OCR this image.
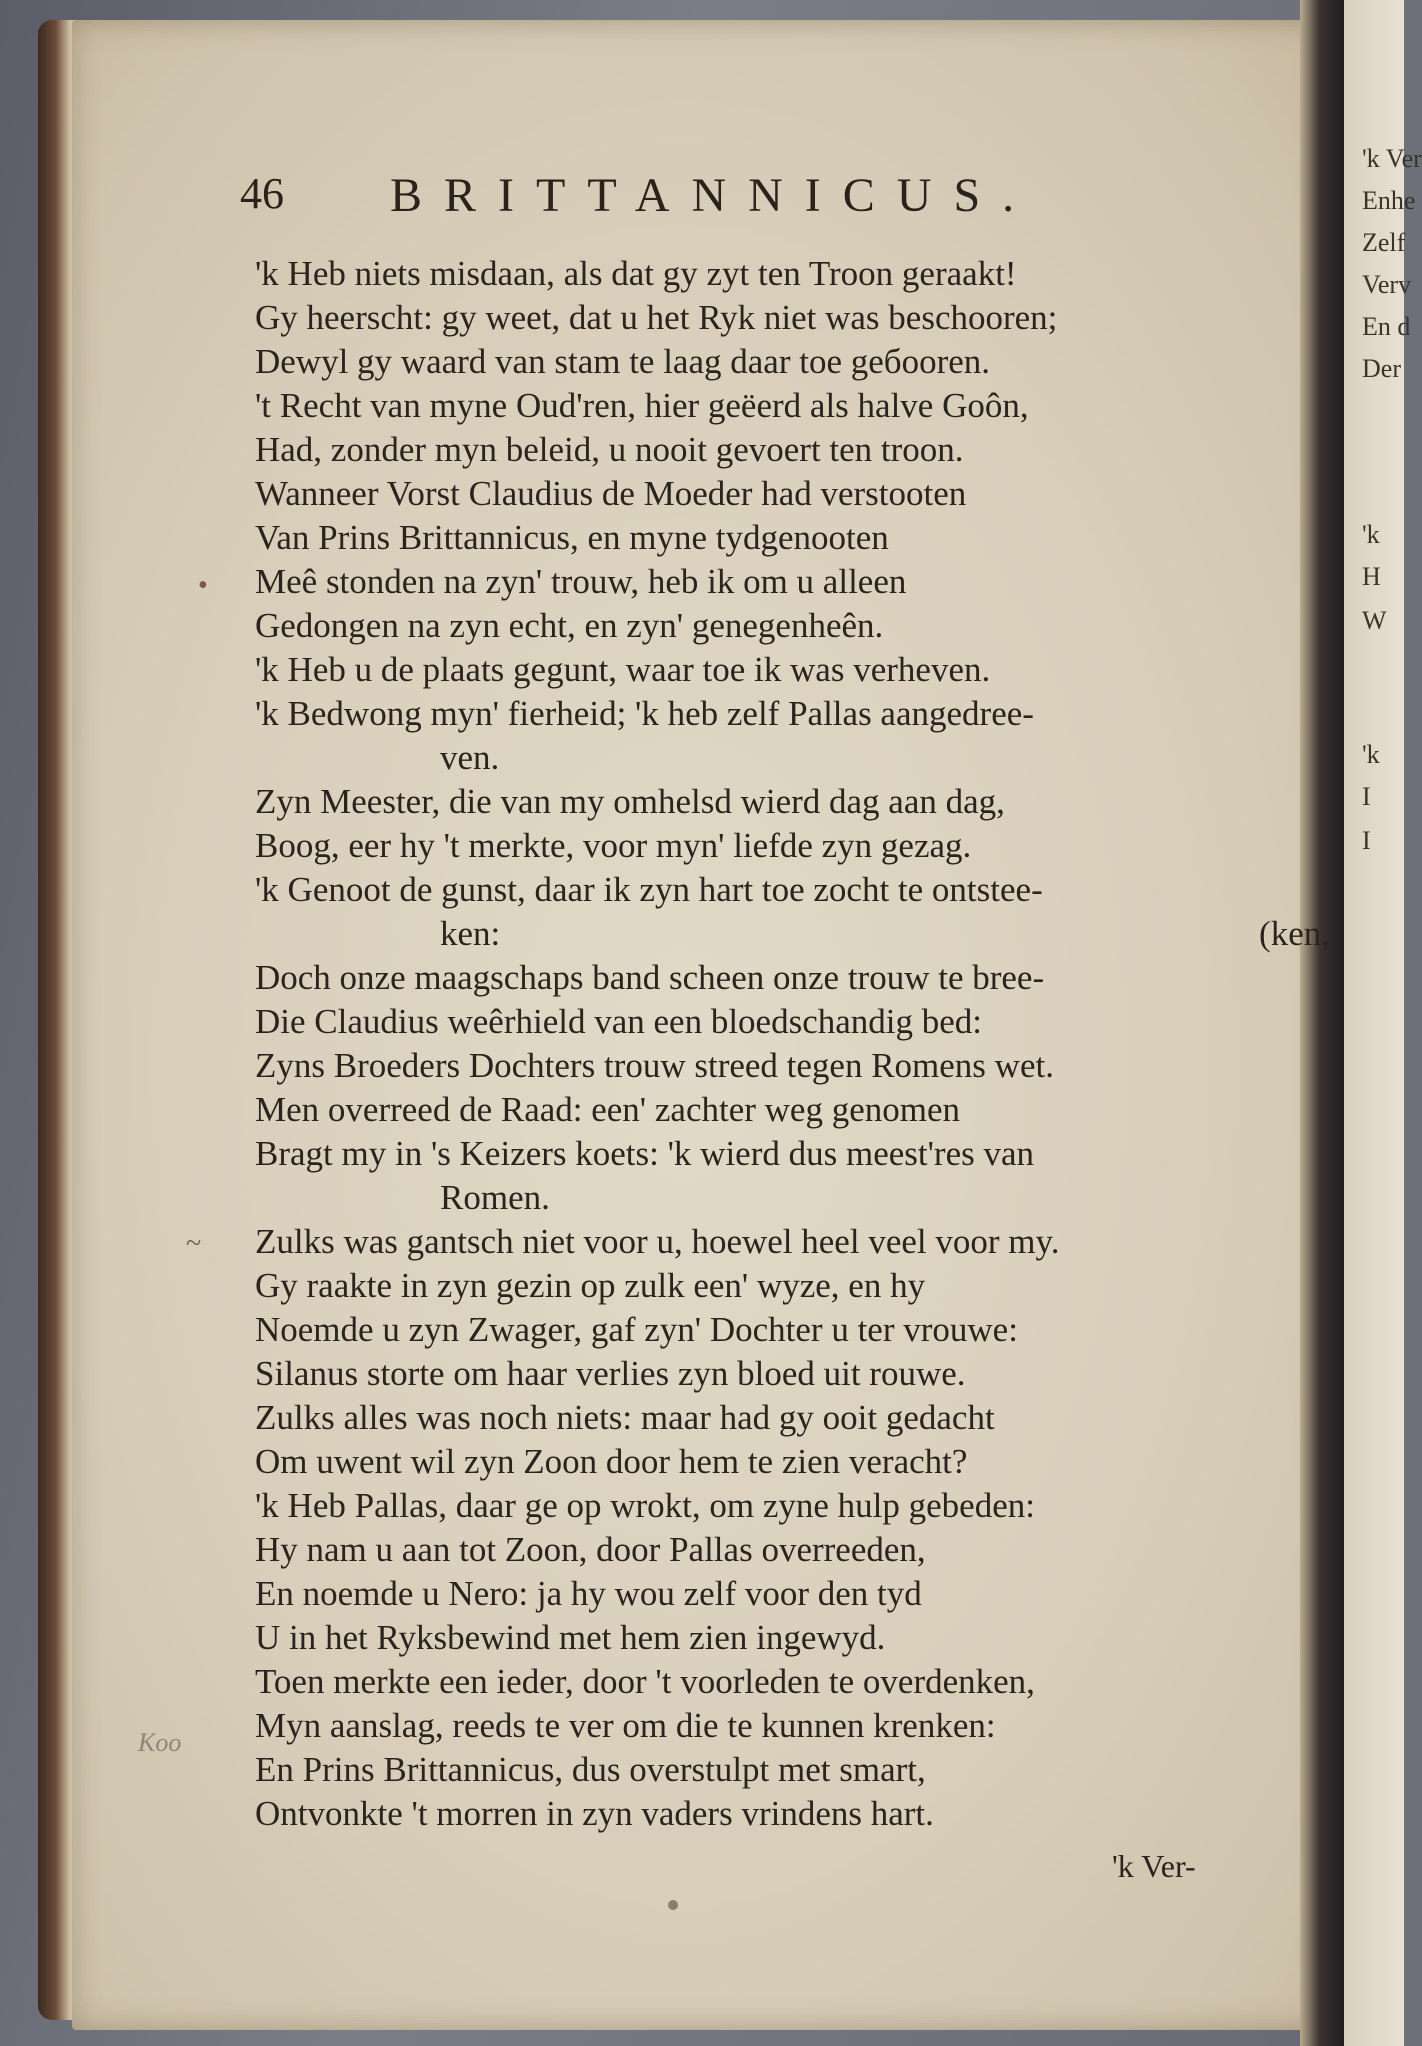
'k Ver
Enhe
Zelf
Verv
En d
Der
'k
H
W
'k
I
I
46 BRITTANNICUS.
•
~
Koo
'k Heb niets misdaan, als dat gy zyt ten Troon geraakt!
Gy heerscht: gy weet, dat u het Ryk niet was beschooren;
Dewyl gy waard van stam te laag daar toe geбooren.
't Recht van myne Oud'ren, hier geëerd als halve Goôn,
Had, zonder myn beleid, u nooit gevoert ten troon.
Wanneer Vorst Claudius de Moeder had verstooten
Van Prins Brittannicus, en myne tydgenooten
Meê stonden na zyn' trouw, heb ik om u alleen
Gedongen na zyn echt, en zyn' genegenheên.
'k Heb u de plaats gegunt, waar toe ik was verheven.
'k Bedwong myn' fierheid; 'k heb zelf Pallas aangedree-
ven.
Zyn Meester, die van my omhelsd wierd dag aan dag,
Boog, eer hy 't merkte, voor myn' liefde zyn gezag.
'k Genoot de gunst, daar ik zyn hart toe zocht te ontstee-
ken:	(ken,
Doch onze maagschaps band scheen onze trouw te bree-
Die Claudius weêrhield van een bloedschandig bed:
Zyns Broeders Dochters trouw streed tegen Romens wet.
Men overreed de Raad: een' zachter weg genomen
Bragt my in 's Keizers koets: 'k wierd dus meest'res van
Romen.
Zulks was gantsch niet voor u, hoewel heel veel voor my.
Gy raakte in zyn gezin op zulk een' wyze, en hy
Noemde u zyn Zwager, gaf zyn' Dochter u ter vrouwe:
Silanus storte om haar verlies zyn bloed uit rouwe.
Zulks alles was noch niets: maar had gy ooit gedacht
Om uwent wil zyn Zoon door hem te zien veracht?
'k Heb Pallas, daar ge op wrokt, om zyne hulp gebeden:
Hy nam u aan tot Zoon, door Pallas overreeden,
En noemde u Nero: ja hy wou zelf voor den tyd
U in het Ryksbewind met hem zien ingewyd.
Toen merkte een ieder, door 't voorleden te overdenken,
Myn aanslag, reeds te ver om die te kunnen krenken:
En Prins Brittannicus, dus overstulpt met smart,
Ontvonkte 't morren in zyn vaders vrindens hart.
'k Ver-
